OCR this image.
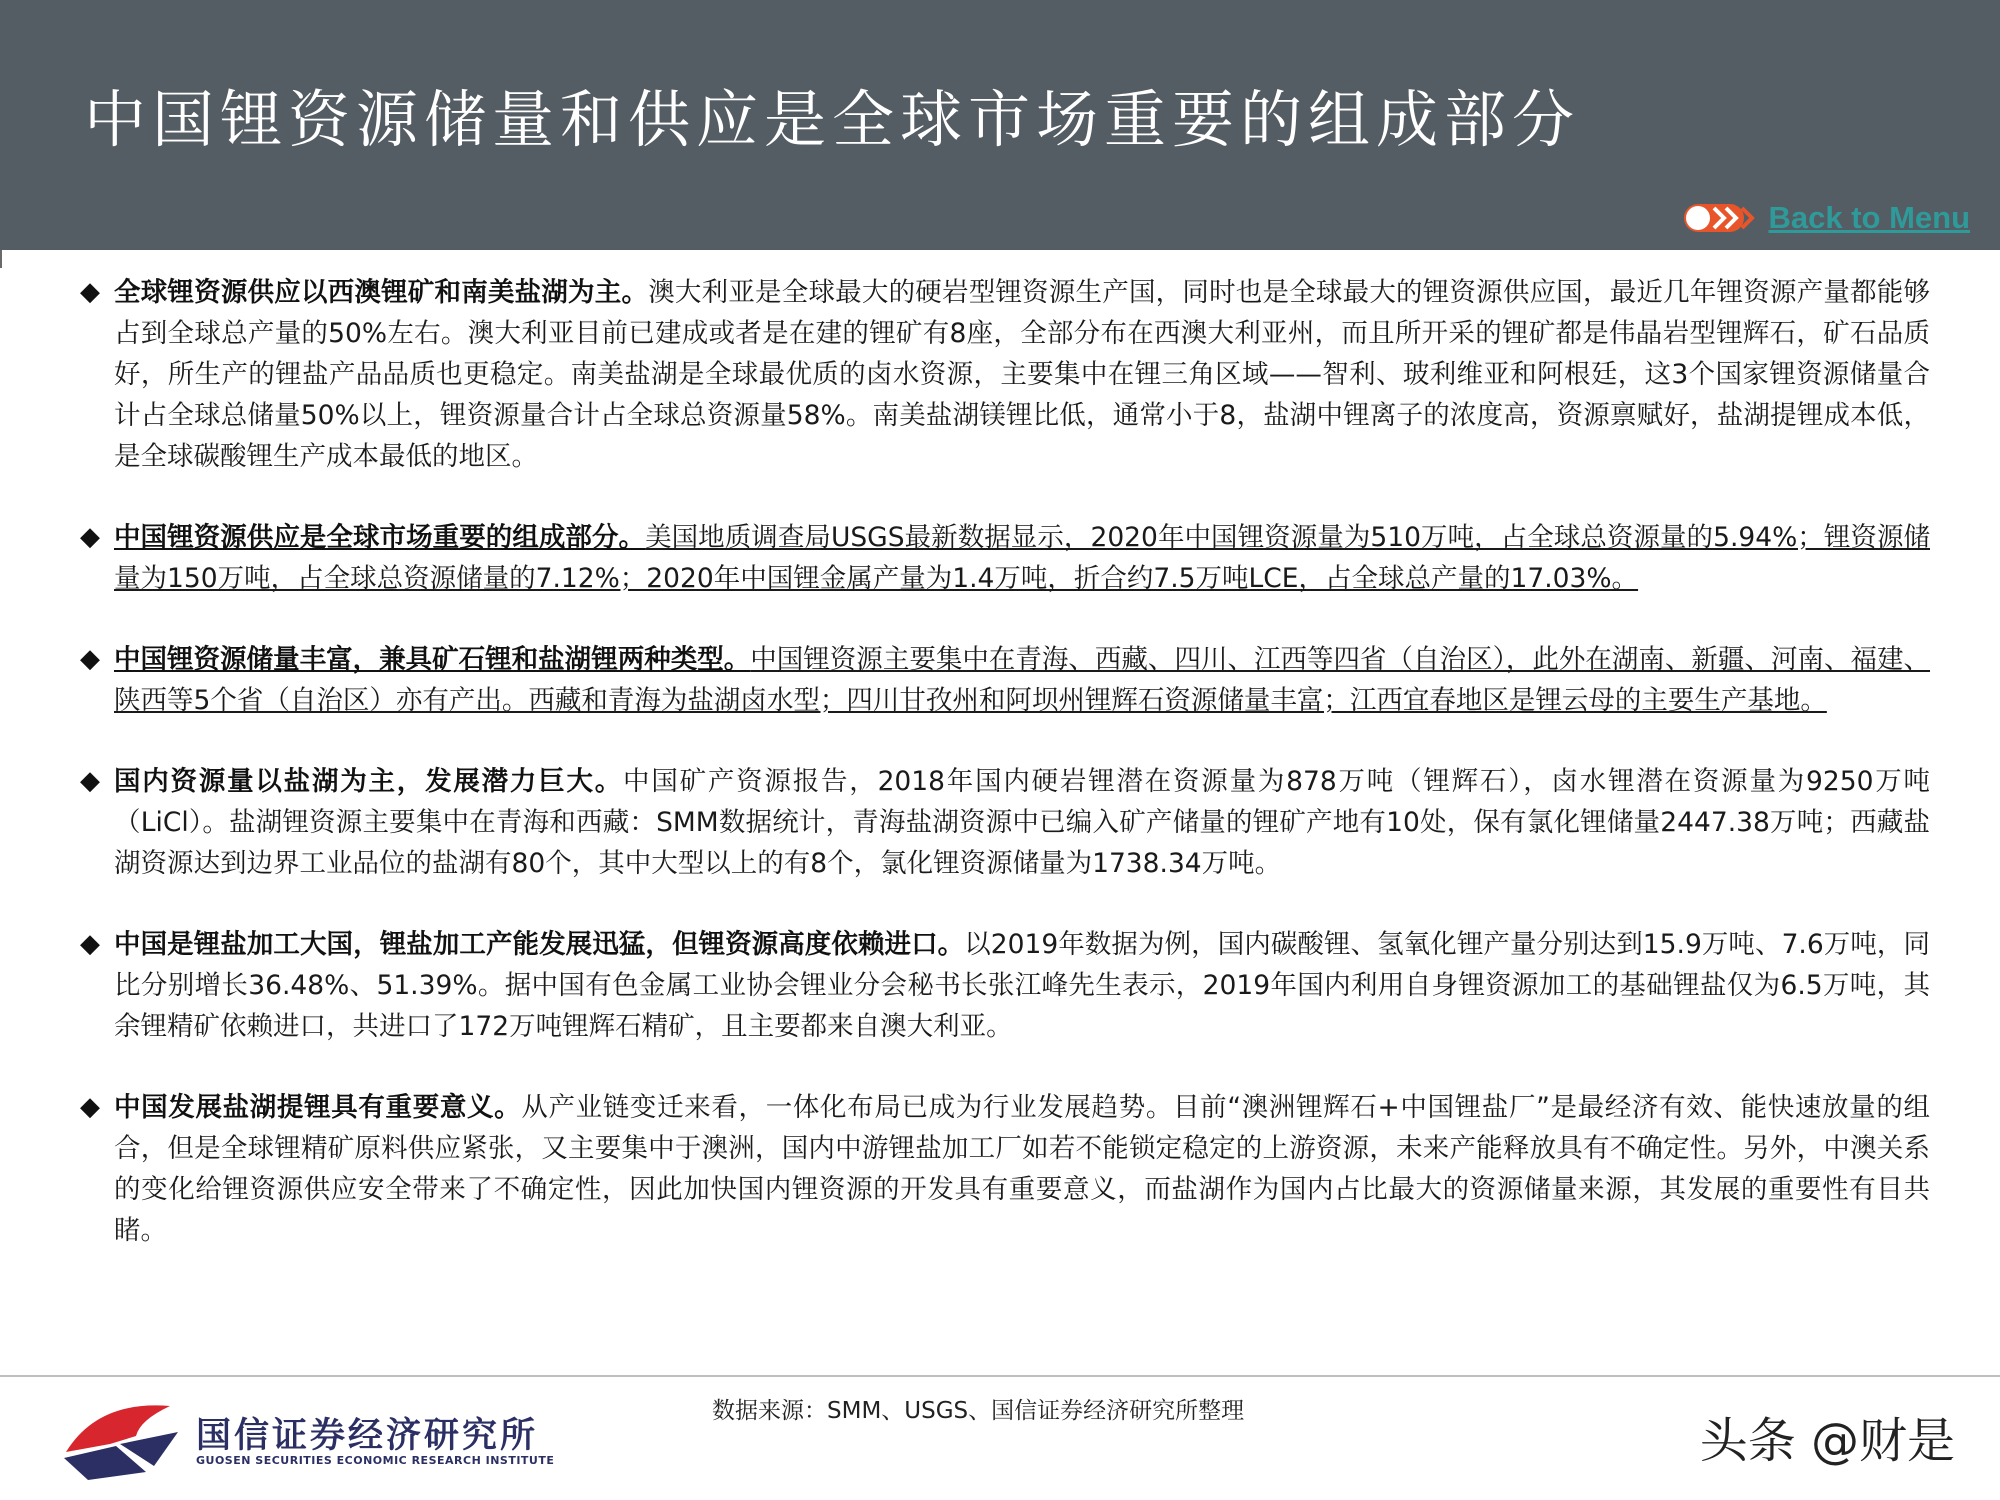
中国锂资源储量和供应是全球市场重要的组成部分
Back to Menu
◆ 全球锂资源供应以西澳锂矿和南美盐湖为主。澳大利亚是全球最大的硬岩型锂资源生产国，同时也是全球最大的锂资源供应国，最近几年锂资源产量都能够占到全球总产量的50%左右。澳大利亚目前已建成或者是在建的锂矿有8座，全部分布在西澳大利亚州，而且所开采的锂矿都是伟晶岩型锂辉石，矿石品质好，所生产的锂盐产品品质也更稳定。南美盐湖是全球最优质的卤水资源，主要集中在锂三角区域——智利、玻利维亚和阿根廷，这3个国家锂资源储量合计占全球总储量50%以上，锂资源量合计占全球总资源量58%。南美盐湖镁锂比低，通常小于8，盐湖中锂离子的浓度高，资源禀赋好，盐湖提锂成本低，是全球碳酸锂生产成本最低的地区。
◆ 中国锂资源供应是全球市场重要的组成部分。美国地质调查局USGS最新数据显示，2020年中国锂资源量为510万吨，占全球总资源量的5.94%；锂资源储量为150万吨，占全球总资源储量的7.12%；2020年中国锂金属产量为1.4万吨，折合约7.5万吨LCE，占全球总产量的17.03%。
◆ 中国锂资源储量丰富，兼具矿石锂和盐湖锂两种类型。中国锂资源主要集中在青海、西藏、四川、江西等四省（自治区），此外在湖南、新疆、河南、福建、陕西等5个省（自治区）亦有产出。西藏和青海为盐湖卤水型；四川甘孜州和阿坝州锂辉石资源储量丰富；江西宜春地区是锂云母的主要生产基地。
◆ 国内资源量以盐湖为主，发展潜力巨大。中国矿产资源报告，2018年国内硬岩锂潜在资源量为878万吨（锂辉石），卤水锂潜在资源量为9250万吨（LiCl）。盐湖锂资源主要集中在青海和西藏：SMM数据统计，青海盐湖资源中已编入矿产储量的锂矿产地有10处，保有氯化锂储量2447.38万吨；西藏盐湖资源达到边界工业品位的盐湖有80个，其中大型以上的有8个，氯化锂资源储量为1738.34万吨。
◆ 中国是锂盐加工大国，锂盐加工产能发展迅猛，但锂资源高度依赖进口。以2019年数据为例，国内碳酸锂、氢氧化锂产量分别达到15.9万吨、7.6万吨，同比分别增长36.48%、51.39%。据中国有色金属工业协会锂业分会秘书长张江峰先生表示，2019年国内利用自身锂资源加工的基础锂盐仅为6.5万吨，其余锂精矿依赖进口，共进口了172万吨锂辉石精矿，且主要都来自澳大利亚。
◆ 中国发展盐湖提锂具有重要意义。从产业链变迁来看，一体化布局已成为行业发展趋势。目前“澳洲锂辉石+中国锂盐厂”是最经济有效、能快速放量的组合，但是全球锂精矿原料供应紧张，又主要集中于澳洲，国内中游锂盐加工厂如若不能锁定稳定的上游资源，未来产能释放具有不确定性。另外，中澳关系的变化给锂资源供应安全带来了不确定性，因此加快国内锂资源的开发具有重要意义，而盐湖作为国内占比最大的资源储量来源，其发展的重要性有目共睹。
国信证券经济研究所
GUOSEN SECURITIES ECONOMIC RESEARCH INSTITUTE
数据来源：SMM、USGS、国信证券经济研究所整理
头条 @财是
